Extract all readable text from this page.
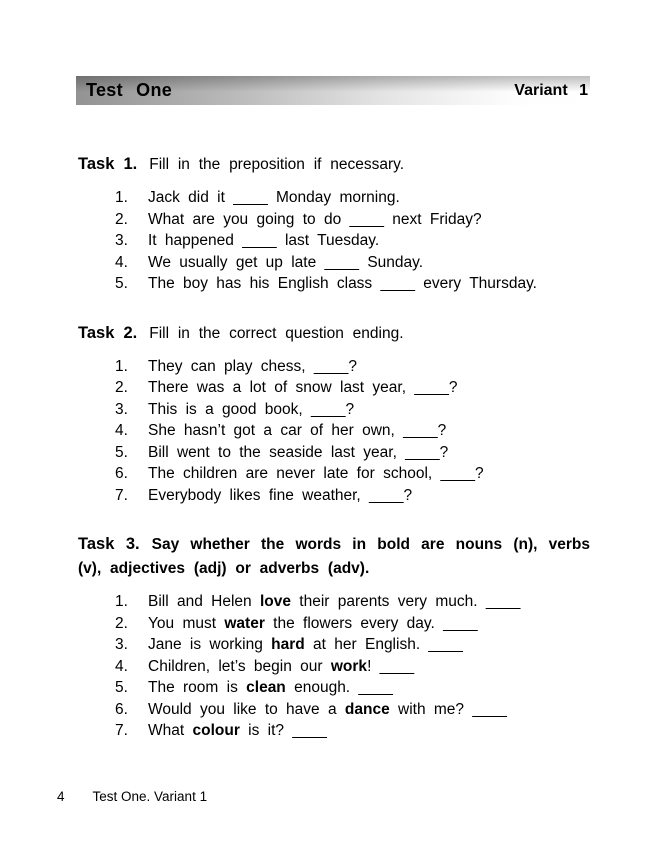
Test One	Variant 1

Task 1. Fill in the preposition if necessary.

1.	Jack did it ____ Monday morning.
2.	What are you going to do ____ next Friday?
3.	It happened ____ last Tuesday.
4.	We usually get up late ____ Sunday.
5.	The boy has his English class ____ every Thursday.

Task 2. Fill in the correct question ending.

1.	They can play chess, ____?
2.	There was a lot of snow last year, ____?
3.	This is a good book, ____?
4.	She hasn’t got a car of her own, ____?
5.	Bill went to the seaside last year, ____?
6.	The children are never late for school, ____?
7.	Everybody likes fine weather, ____?

Task 3. Say whether the words in bold are nouns (n), verbs (v), adjectives (adj) or adverbs (adv).

1.	Bill and Helen love their parents very much. ____
2.	You must water the flowers every day. ____
3.	Jane is working hard at her English. ____
4.	Children, let’s begin our work! ____
5.	The room is clean enough. ____
6.	Would you like to have a dance with me? ____
7.	What colour is it? ____
4 Test One. Variant 1
